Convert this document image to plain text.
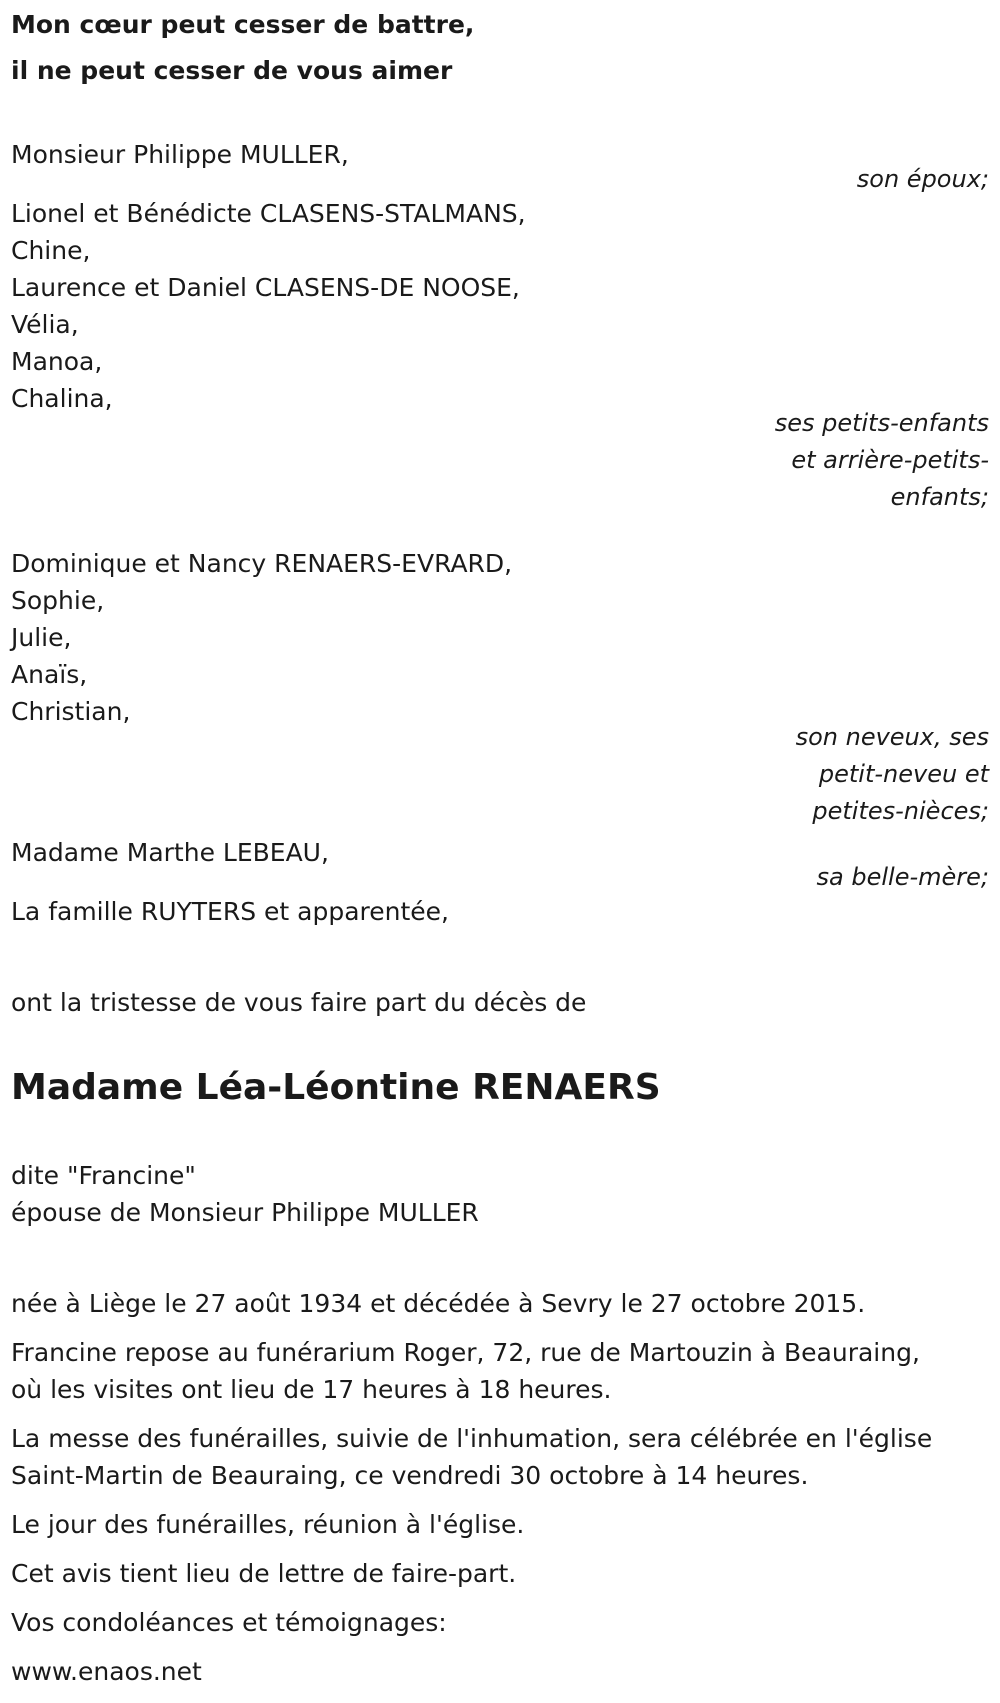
Mon cœur peut cesser de battre,
il ne peut cesser de vous aimer
Monsieur Philippe MULLER,
son époux;
Lionel et Bénédicte CLASENS-STALMANS,
Chine,
Laurence et Daniel CLASENS-DE NOOSE,
Vélia,
Manoa,
Chalina,
ses petits-enfants
et arrière-petits-
enfants;
Dominique et Nancy RENAERS-EVRARD,
Sophie,
Julie,
Anaïs,
Christian,
son neveux, ses
petit-neveu et
petites-nièces;
Madame Marthe LEBEAU,
sa belle-mère;
La famille RUYTERS et apparentée,
ont la tristesse de vous faire part du décès de
Madame Léa-Léontine RENAERS
dite "Francine"
épouse de Monsieur Philippe MULLER
née à Liège le 27 août 1934 et décédée à Sevry le 27 octobre 2015.
Francine repose au funérarium Roger, 72, rue de Martouzin à Beauraing,
où les visites ont lieu de 17 heures à 18 heures.
La messe des funérailles, suivie de l'inhumation, sera célébrée en l'église
Saint-Martin de Beauraing, ce vendredi 30 octobre à 14 heures.
Le jour des funérailles, réunion à l'église.
Cet avis tient lieu de lettre de faire-part.
Vos condoléances et témoignages:
www.enaos.net
